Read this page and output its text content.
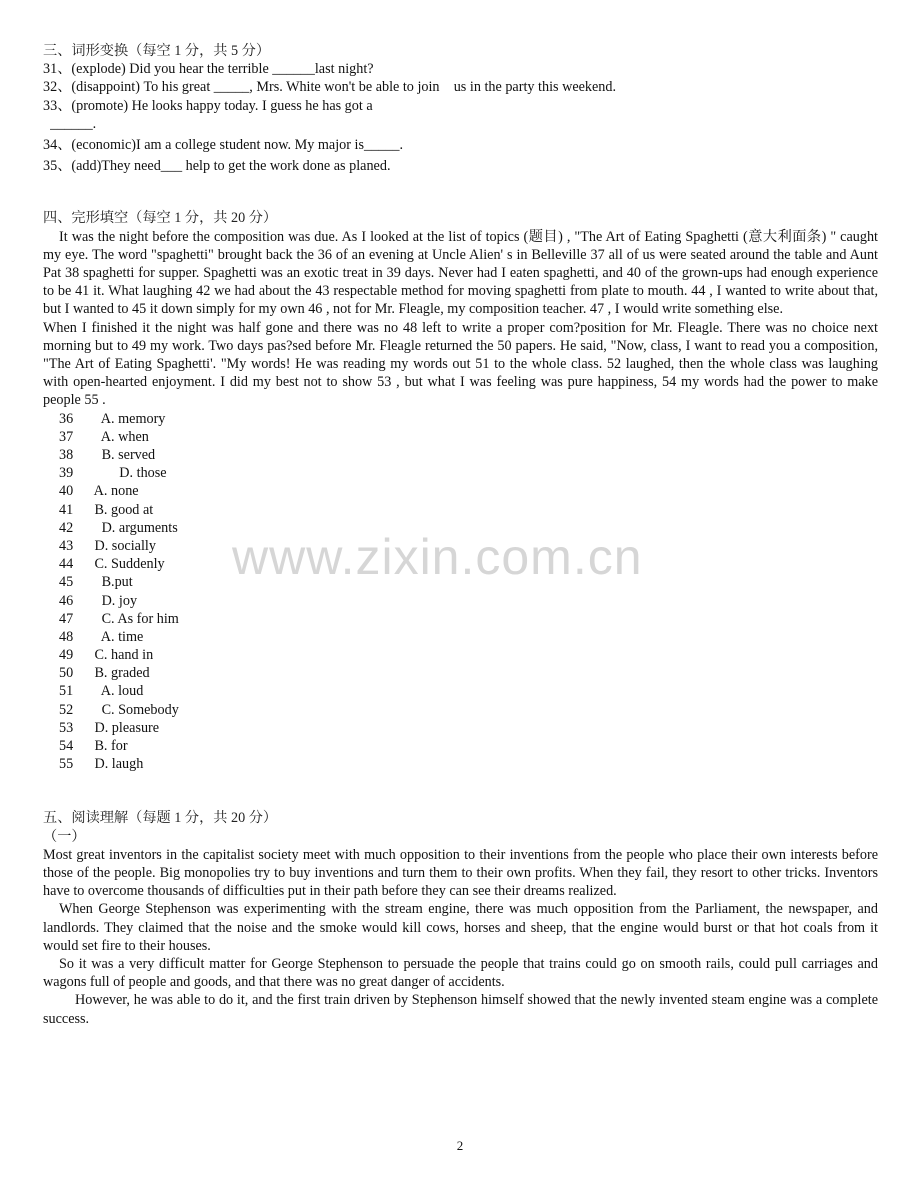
三、词形变换（每空 1 分，共 5 分）
31、(explode) Did you hear the terrible ______last night?
32、(disappoint) To his great _____, Mrs. White won't be able to join    us in the party this weekend.
33、(promote) He looks happy today. I guess he has got a
______.
34、(economic)I am a college student now. My major is_____.
35、(add)They need___ help to get the work done as planed.
四、完形填空（每空 1 分，共 20 分）
It was the night before the composition was due. As I looked at the list of topics (题目) , "The Art of Eating Spaghetti (意大利面条) " caught my eye. The word "spaghetti" brought back the 36 of an evening at Uncle Alien' s in Belleville 37 all of us were seated around the table and Aunt Pat 38 spaghetti for supper. Spaghetti was an exotic treat in 39 days. Never had I eaten spaghetti, and 40 of the grown-ups had enough experience to be 41 it. What laughing 42 we had about the 43 respectable method for moving spaghetti from plate to mouth. 44 , I wanted to write about that, but I wanted to 45 it down simply for my own 46 , not for Mr. Fleagle, my composition teacher. 47 , I would write something else.
When I finished it the night was half gone and there was no 48 left to write a proper com?position for Mr. Fleagle. There was no choice next morning but to 49 my work. Two days pas?sed before Mr. Fleagle returned the 50 papers. He said, "Now, class, I want to read you a composition, "The Art of Eating Spaghetti'. "My words! He was reading my words out 51 to the whole class. 52 laughed, then the whole class was laughing with open-hearted enjoyment. I did my best not to show 53 , but what I was feeling was pure happiness, 54 my words had the power to make people 55 .
36        A. memory
37        A. when
38        B. served
39             D. those
40      A. none
41      B. good at
42        D. arguments
43      D. socially
44      C. Suddenly
45        B.put
46        D. joy
47        C. As for him
48        A. time
49      C. hand in
50      B. graded
51        A. loud
52        C. Somebody
53      D. pleasure
54      B. for
55      D. laugh
五、阅读理解（每题 1 分，共 20 分）
（一）
Most great inventors in the capitalist society meet with much opposition to their inventions from the people who place their own interests before those of the people. Big monopolies try to buy inventions and turn them to their own profits. When they fail, they resort to other tricks. Inventors have to overcome thousands of difficulties put in their path before they can see their dreams realized.
When George Stephenson was experimenting with the stream engine, there was much opposition from the Parliament, the newspaper, and landlords. They claimed that the noise and the smoke would kill cows, horses and sheep, that the engine would burst or that hot coals from it would set fire to their houses.
So it was a very difficult matter for George Stephenson to persuade the people that trains could go on smooth rails, could pull carriages and wagons full of people and goods, and that there was no great danger of accidents.
However, he was able to do it, and the first train driven by Stephenson himself showed that the newly invented steam engine was a complete success.
www.zixin.com.cn
2
